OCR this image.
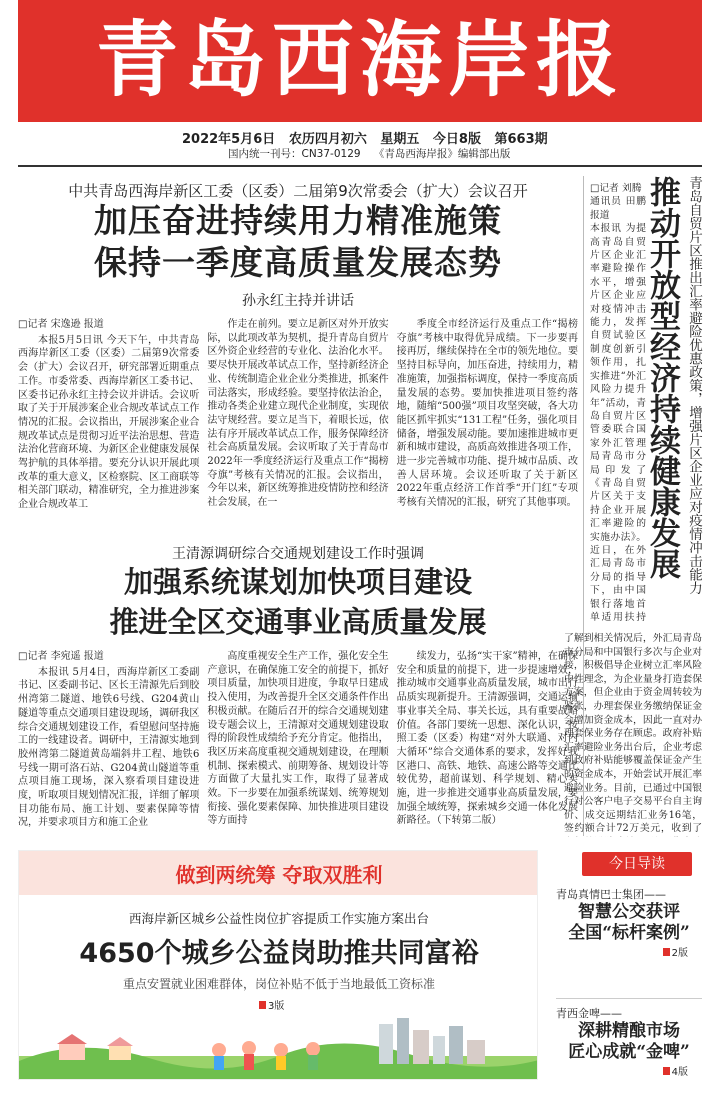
青岛西海岸报
2022年5月6日 农历四月初六 星期五 今日8版 第663期
国内统一刊号：CN37-0129 《青岛西海岸报》编辑部出版
中共青岛西海岸新区工委（区委）二届第9次常委会（扩大）会议召开
加压奋进持续用力精准施策
保持一季度高质量发展态势
孙永红主持并讲话
□记者 宋逸逊 报道

本报5月5日讯 今天下午，中共青岛西海岸新区工委（区委）二届第9次常委会（扩大）会议召开，研究部署近期重点工作。市委常委、西海岸新区工委书记、区委书记孙永红主持会议并讲话。会议听取了关于开展涉案企业合规改革试点工作情况的汇报。会议指出，开展涉案企业合规改革试点是贯彻习近平法治思想、营造法治化营商环境、为新区企业健康发展保驾护航的具体举措。要充分认识开展此项改革的重大意义，区检察院、区工商联等相关部门联动，精准研究，全力推进涉案企业合规改革工

作走在前列。要立足新区对外开放实际，以此项改革为契机，提升青岛自贸片区外资企业经营的专业化、法治化水平。要尽快开展改革试点工作，坚持新经济企业、传统制造企业企业分类推进，抓案件司法落实，形成经验。要坚持依法治企，推动各类企业建立现代企业制度，实现依法守规经营。要立足当下，着眼长远，依法有序开展改革试点工作，服务保障经济社会高质量发展。会议听取了关于青岛市2022年一季度经济运行及重点工作“揭榜夺旗”考核有关情况的汇报。会议指出，今年以来，新区统筹推进疫情防控和经济社会发展，在一

季度全市经济运行及重点工作“揭榜夺旗”考核中取得优异成绩。下一步要再接再厉，继续保持在全市的领先地位。要坚持目标导向，加压奋进，持续用力，精准施策，加强指标调度，保持一季度高质量发展的态势。要加快推进项目签约落地，随缩“500强”项目攻坚突破，各大功能区抓牢抓实“131工程”任务，强化项目储备，增强发展动能。要加速推进城市更新和城市建设，高质高效推进各项工作，进一步完善城市功能、提升城市品质、改善人居环境。会议还听取了关于新区2022年重点经济工作首季“开门红”专项考核有关情况的汇报，研究了其他事项。	青岛自贸片区推出汇率避险优惠政策，增强片区企业应对疫情冲击能力
推动开放型经济持续健康发展
□记者 刘腾
通讯员 田鹏 报道

本报讯 为提高青岛自贸片区企业汇率避险操作水平，增强片区企业应对疫情冲击能力，发挥自贸试验区制度创新引领作用，扎实推进“外汇风险力提升年”活动，青岛自贸片区管委联合国家外汇管理局青岛市分局印发了《青岛自贸片区关于支持企业开展汇率避险的实施办法》。近日，在外汇局青岛市分局的指导下，由中国银行落地首单适用扶持

了解到相关情况后，外汇局青岛市分局和中国银行多次与企业对接，积极倡导企业树立汇率风险中性理念，为企业量身打造套保方案，但企业由于资金周转较为紧张，办理套保业务缴纳保证金会增加资金成本，因此一直对办理套保业务存在顾虑。政府补贴汇率避险业务出台后，企业考虑到政府补贴能够覆盖保证金产生的资金成本，开始尝试开展汇率避险业务。目前，已通过中国银行对公客户电子交易平台自主询价、成交远期结汇业务16笔，签约额合计72万美元，收到了

王清源调研综合交通规划建设工作时强调
加强系统谋划加快项目建设
推进全区交通事业高质量发展
□记者 李宛遥 报道

本报讯 5月4日，西海岸新区工委副书记、区委副书记、区长王清源先后到胶州湾第二隧道、地铁6号线、G204黄山隧道等重点交通项目建设现场，调研我区综合交通规划建设工作，看望慰问坚持施工的一线建设者。调研中，王清源实地到胶州湾第二隧道黄岛端斜井工程、地铁6号线一期可洛石站、G204黄山隧道等重点项目施工现场，深入察看项目建设进度，听取项目规划情况汇报，详细了解项目功能布局、施工计划、要素保障等情况，并要求项目方和施工企业

高度重视安全生产工作，强化安全生产意识，在确保施工安全的前提下，抓好项目质量，加快项目进度，争取早日建成投入使用，为改善提升全区交通条件作出积极贡献。在随后召开的综合交通规划建设专题会议上，王清源对交通规划建设取得的阶段性成绩给予充分肯定。他指出，我区历来高度重视交通规划建设，在理顺机制、探索模式、前期筹备、规划设计等方面做了大量扎实工作，取得了显著成效。下一步要在加强系统谋划、统筹规划衔接、强化要素保障、加快推进项目建设等方面持

续发力，弘扬“实干家”精神，在确保安全和质量的前提下，进一步提速增效，推动城市交通事业高质量发展，城市出行品质实现新提升。王清源强调，交通运输事业事关全局、事关长远，具有重要战略价值。各部门要统一思想、深化认识，按照工委（区委）构建“对外大联通、对内大循环”综合交通体系的要求，发挥好我区港口、高铁、地铁、高速公路等交通比较优势，超前谋划、科学规划、精心实施，进一步推进交通事业高质量发展，要加强全域统筹，探索城乡交通一体化发展新路径。（下转第二版）

做到两统筹 夺取双胜利
西海岸新区城乡公益性岗位扩容提质工作实施方案出台
4650个城乡公益岗助推共同富裕
重点安置就业困难群体，岗位补贴不低于当地最低工资标准
3版
今日导读
青岛真情巴士集团——
智慧公交获评
全国“标杆案例”
2版
青西金啤——
深耕精酿市场
匠心成就“金啤”
4版
